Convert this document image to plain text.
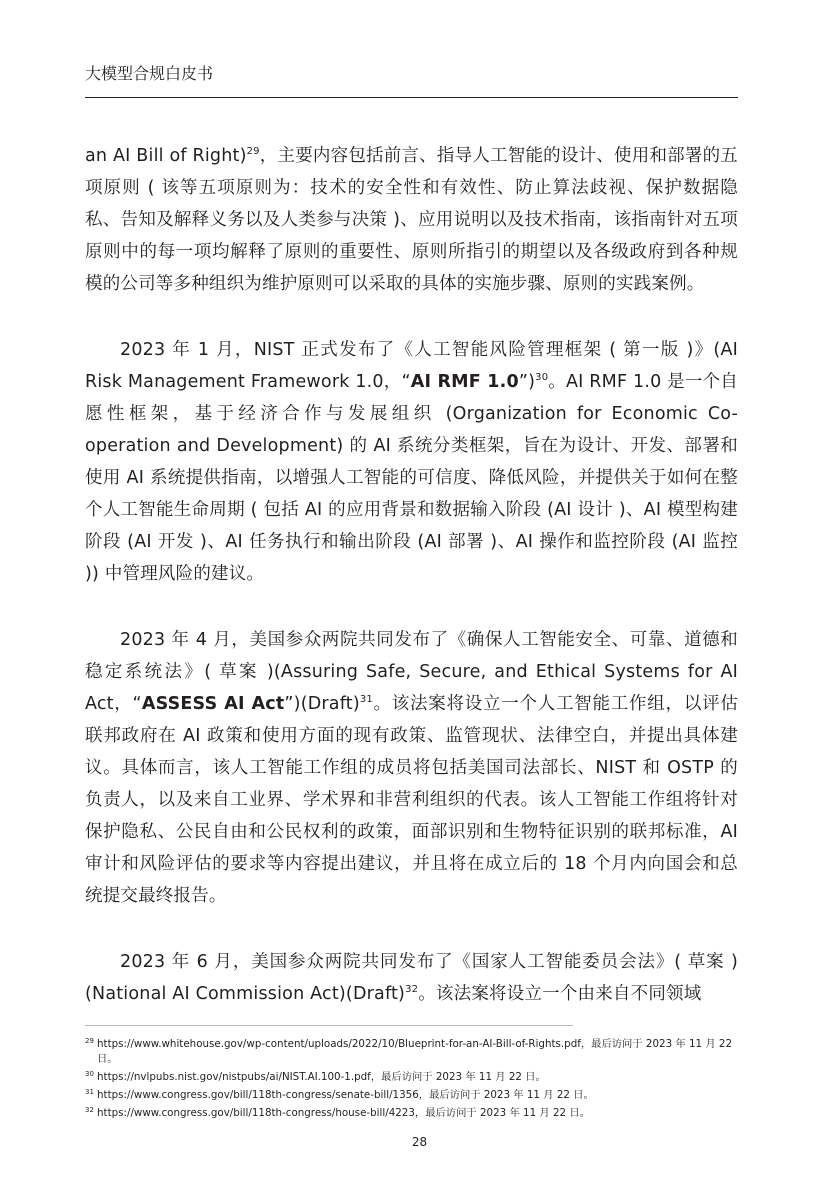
大模型合规白皮书

an AI Bill of Right)$^{29}$，主要内容包括前言、指导人工智能的设计、使用和部署的五项原则 ( 该等五项原则为：技术的安全性和有效性、防止算法歧视、保护数据隐私、告知及解释义务以及人类参与决策 )、应用说明以及技术指南，该指南针对五项原则中的每一项均解释了原则的重要性、原则所指引的期望以及各级政府到各种规模的公司等多种组织为维护原则可以采取的具体的实施步骤、原则的实践案例。

2023 年 1 月，NIST 正式发布了《人工智能风险管理框架 ( 第一版 )》(AI Risk Management Framework 1.0，“AI RMF 1.0”)$^{30}$。AI RMF 1.0 是一个自愿性框架，基于经济合作与发展组织 (Organization for Economic Co-operation and Development) 的 AI 系统分类框架，旨在为设计、开发、部署和使用 AI 系统提供指南，以增强人工智能的可信度、降低风险，并提供关于如何在整个人工智能生命周期 ( 包括 AI 的应用背景和数据输入阶段 (AI 设计 )、AI 模型构建阶段 (AI 开发 )、AI 任务执行和输出阶段 (AI 部署 )、AI 操作和监控阶段 (AI 监控 )) 中管理风险的建议。

2023 年 4 月，美国参众两院共同发布了《确保人工智能安全、可靠、道德和稳定系统法》( 草案 )(Assuring Safe, Secure, and Ethical Systems for AI Act，“ASSESS AI Act”)(Draft)$^{31}$。该法案将设立一个人工智能工作组，以评估联邦政府在 AI 政策和使用方面的现有政策、监管现状、法律空白，并提出具体建议。具体而言，该人工智能工作组的成员将包括美国司法部长、NIST 和 OSTP 的负责人，以及来自工业界、学术界和非营利组织的代表。该人工智能工作组将针对保护隐私、公民自由和公民权利的政策，面部识别和生物特征识别的联邦标准，AI 审计和风险评估的要求等内容提出建议，并且将在成立后的 18 个月内向国会和总统提交最终报告。

2023 年 6 月，美国参众两院共同发布了《国家人工智能委员会法》( 草案 )(National AI Commission Act)(Draft)$^{32}$。该法案将设立一个由来自不同领域

29 https://www.whitehouse.gov/wp-content/uploads/2022/10/Blueprint-for-an-AI-Bill-of-Rights.pdf，最后访问于 2023 年 11 月 22 日。

30 https://nvlpubs.nist.gov/nistpubs/ai/NIST.AI.100-1.pdf，最后访问于 2023 年 11 月 22 日。

31 https://www.congress.gov/bill/118th-congress/senate-bill/1356，最后访问于 2023 年 11 月 22 日。

32 https://www.congress.gov/bill/118th-congress/house-bill/4223，最后访问于 2023 年 11 月 22 日。

28
